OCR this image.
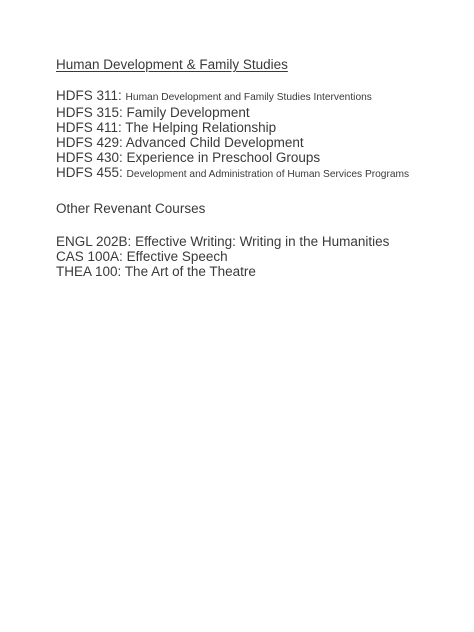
Human Development & Family Studies
HDFS 311: Human Development and Family Studies Interventions
HDFS 315: Family Development
HDFS 411: The Helping Relationship
HDFS 429: Advanced Child Development
HDFS 430: Experience in Preschool Groups
HDFS 455: Development and Administration of Human Services Programs
Other Revenant Courses
ENGL 202B: Effective Writing: Writing in the Humanities
CAS 100A: Effective Speech
THEA 100: The Art of the Theatre
